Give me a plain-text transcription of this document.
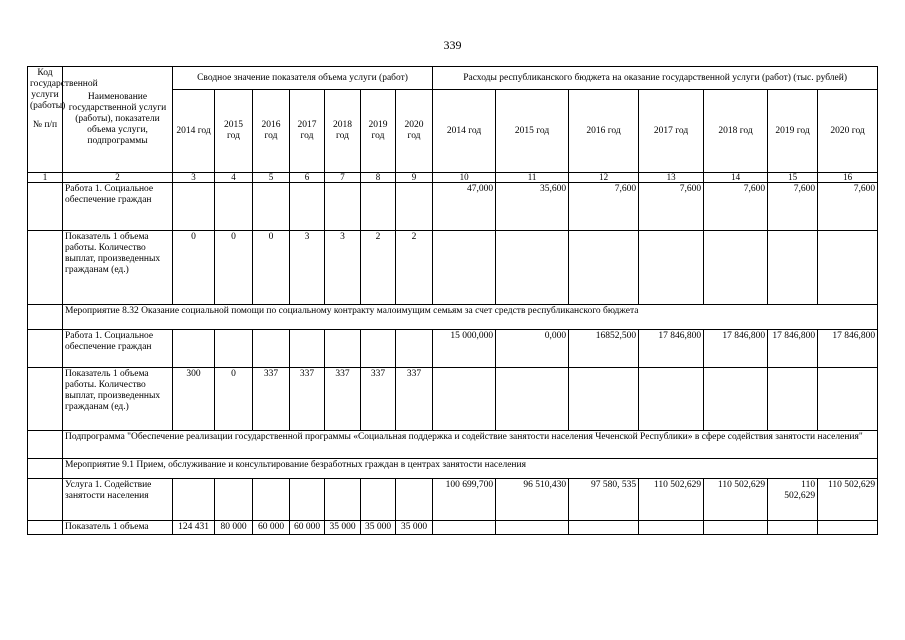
339
Код государственной услуги (работы)
№ п/п	Наименование государственной услуги (работы), показатели объема услуги, подпрограммы	Сводное значение показателя объема услуги (работ)							Расходы республиканского бюджета на оказание государственной услуги (работ) (тыс. рублей)						
		2014 год	2015 год	2016 год	2017 год	2018 год	2019 год	2020 год	2014 год	2015 год	2016 год	2017 год	2018 год	2019 год	2020 год
1	2	3	4	5	6	7	8	9	10	11	12	13	14	15	16
	Работа 1. Социальное обеспечение граждан								47,000	35,600	7,600	7,600	7,600	7,600	7,600
	Показатель 1 объема работы. Количество выплат, произведенных гражданам (ед.)	0	0	0	3	3	2	2							
	Мероприятие 8.32 Оказание социальной помощи по социальному контракту малоимущим семьям за счет средств республиканского бюджета														
	Работа 1. Социальное обеспечение граждан								15 000,000	0,000	16852,500	17 846,800	17 846,800	17 846,800	17 846,800
	Показатель 1 объема работы. Количество выплат, произведенных гражданам (ед.)	300	0	337	337	337	337	337							
	Подпрограмма "Обеспечение реализации государственной программы «Социальная поддержка и содействие занятости населения Чеченской Республики» в сфере содействия занятости населения"														
	Мероприятие 9.1 Прием, обслуживание и консультирование безработных граждан в центрах занятости населения														
	Услуга 1. Содействие занятости населения								100 699,700	96 510,430	97 580, 535	110 502,629	110 502,629	110 502,629	110 502,629
	Показатель 1 объема	124 431	80 000	60 000	60 000	35 000	35 000	35 000							
